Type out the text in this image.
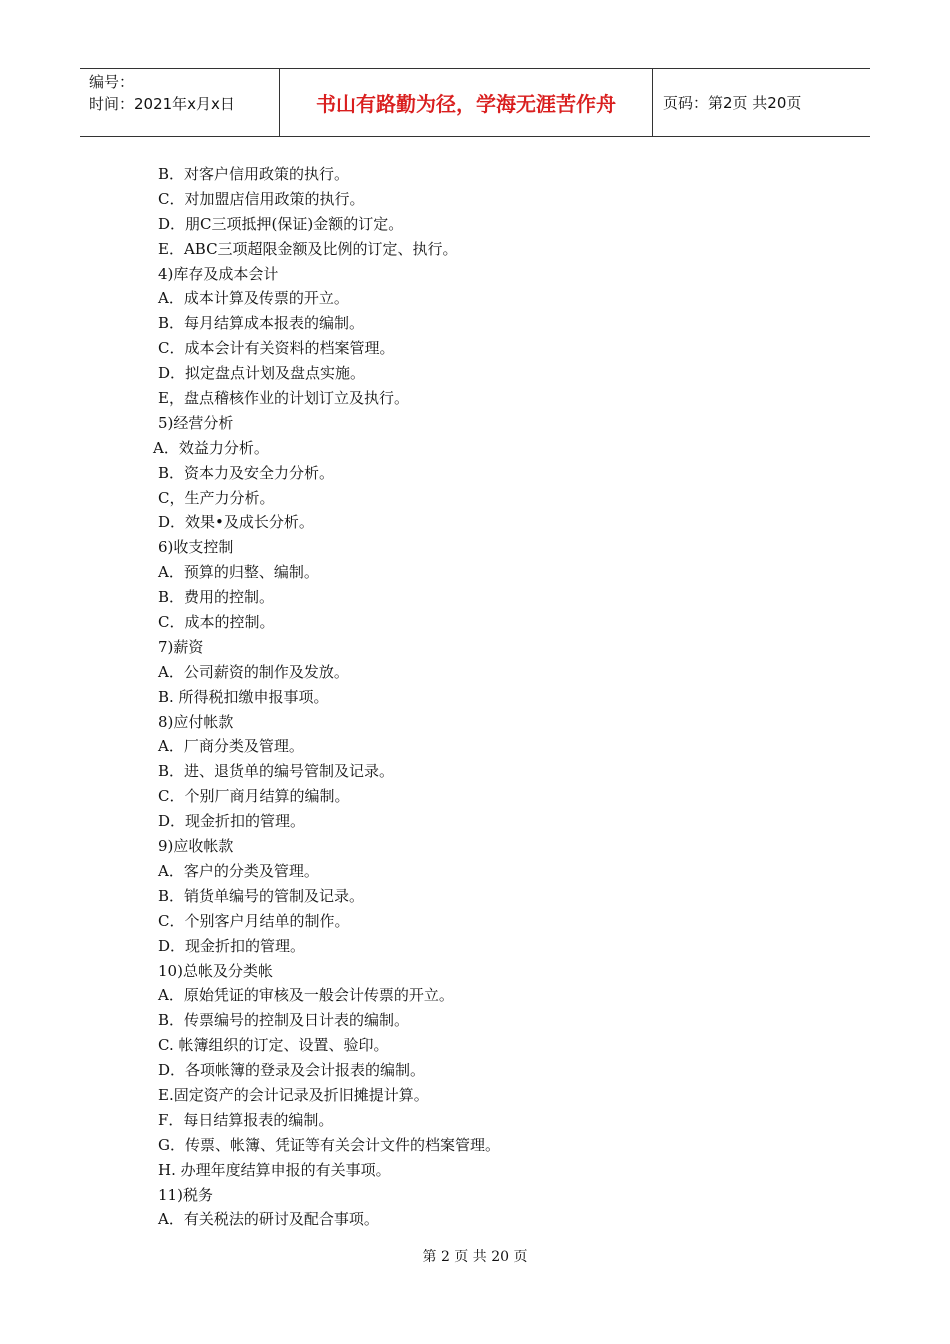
编号：
时间：2021年x月x日	书山有路勤为径，学海无涯苦作舟	页码：第2页 共20页
B．对客户信用政策的执行。
C．对加盟店信用政策的执行。
D．朋C三项抵押(保证)金额的订定。
E．ABC三项超限金额及比例的订定、执行。
4)库存及成本会计
A．成本计算及传票的开立。
B．每月结算成本报表的编制。
C．成本会计有关资料的档案管理。
D．拟定盘点计划及盘点实施。
E，盘点稽核作业的计划订立及执行。
5)经营分析
A．效益力分析。
B．资本力及安全力分析。
C，生产力分析。
D．效果•及成长分析。
6)收支控制
A．预算的归整、编制。
B．费用的控制。
C．成本的控制。
7)薪资
A．公司薪资的制作及发放。
B. 所得税扣缴申报事项。
8)应付帐款
A．厂商分类及管理。
B．进、退货单的编号管制及记录。
C．个别厂商月结算的编制。
D．现金折扣的管理。
9)应收帐款
A．客户的分类及管理。
B．销货单编号的管制及记录。
C．个别客户月结单的制作。
D．现金折扣的管理。
10)总帐及分类帐
A．原始凭证的审核及一般会计传票的开立。
B．传票编号的控制及日计表的编制。
C. 帐簿组织的订定、设置、验印。
D．各项帐簿的登录及会计报表的编制。
E.固定资产的会计记录及折旧摊提计算。
F．每日结算报表的编制。
G．传票、帐簿、凭证等有关会计文件的档案管理。
H. 办理年度结算申报的有关事项。
11)税务
A．有关税法的研讨及配合事项。
第 2 页 共 20 页
